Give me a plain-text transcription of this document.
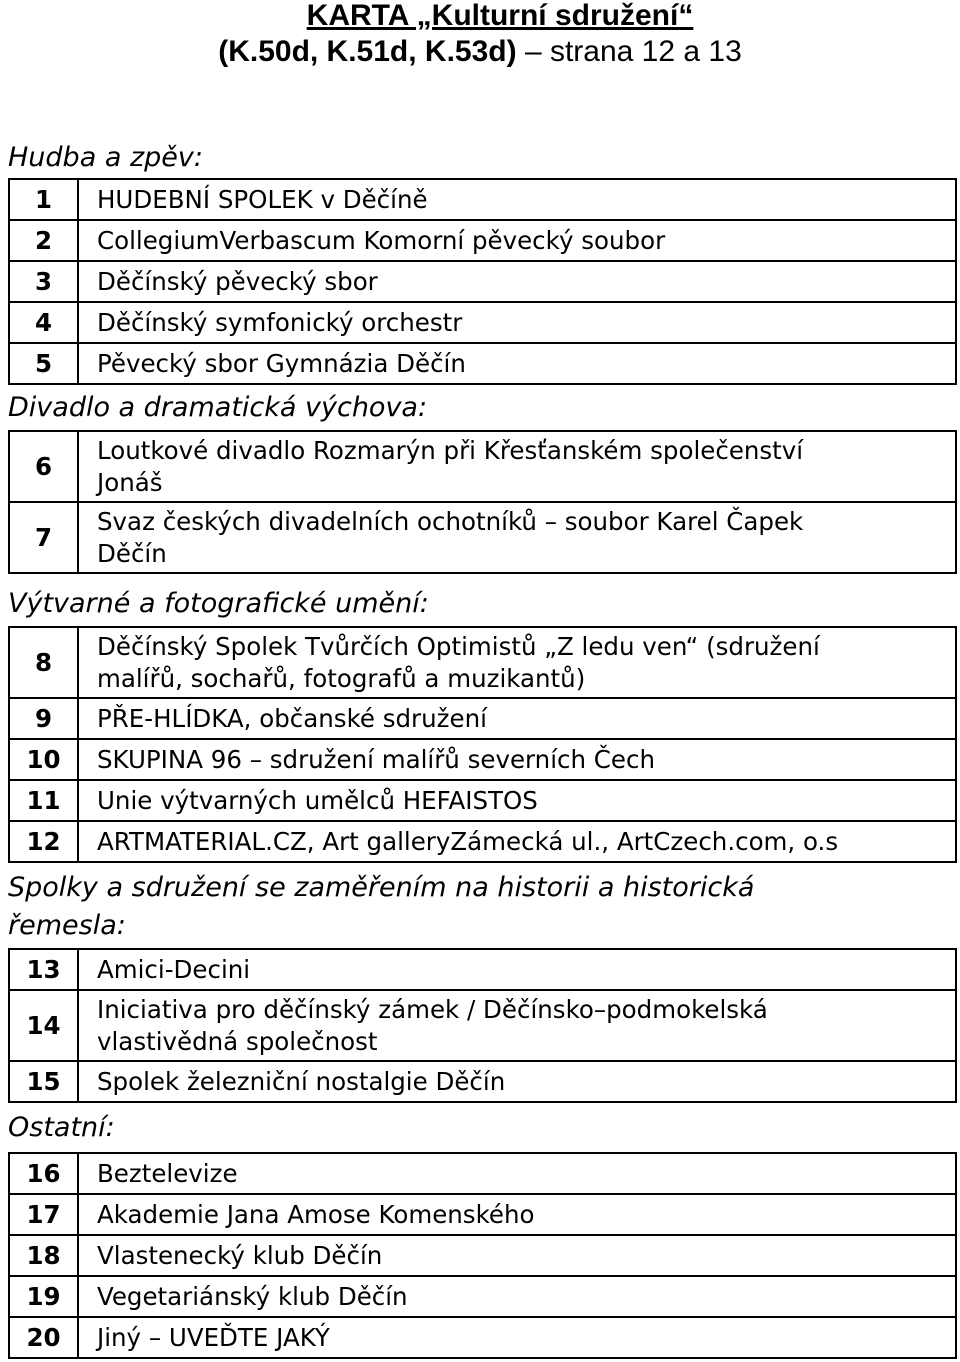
KARTA „Kulturní sdružení“
(K.50d, K.51d, K.53d) – strana 12 a 13
Hudba a zpěv:
1	HUDEBNÍ SPOLEK v Děčíně
2	CollegiumVerbascum Komorní pěvecký soubor
3	Děčínský pěvecký sbor
4	Děčínský symfonický orchestr
5	Pěvecký sbor Gymnázia Děčín
Divadlo a dramatická výchova:
6	Loutkové divadlo Rozmarýn při Křesťanském společenství
Jonáš

7	Svaz českých divadelních ochotníků – soubor Karel Čapek
Děčín
Výtvarné a fotografické umění:
8	Děčínský Spolek Tvůrčích Optimistů „Z ledu ven“ (sdružení
malířů, sochařů, fotografů a muzikantů)

9	PŘE-HLÍDKA, občanské sdružení
10	SKUPINA 96 – sdružení malířů severních Čech
11	Unie výtvarných umělců HEFAISTOS
12	ARTMATERIAL.CZ, Art galleryZámecká ul., ArtCzech.com, o.s
Spolky a sdružení se zaměřením na historii a historická
řemesla:
13	Amici-Decini
14	Iniciativa pro děčínský zámek / Děčínsko–podmokelská
vlastivědná společnost

15	Spolek železniční nostalgie Děčín
Ostatní:
16	Beztelevize
17	Akademie Jana Amose Komenského
18	Vlastenecký klub Děčín
19	Vegetariánský klub Děčín
20	Jiný – UVEĎTE JAKÝ
